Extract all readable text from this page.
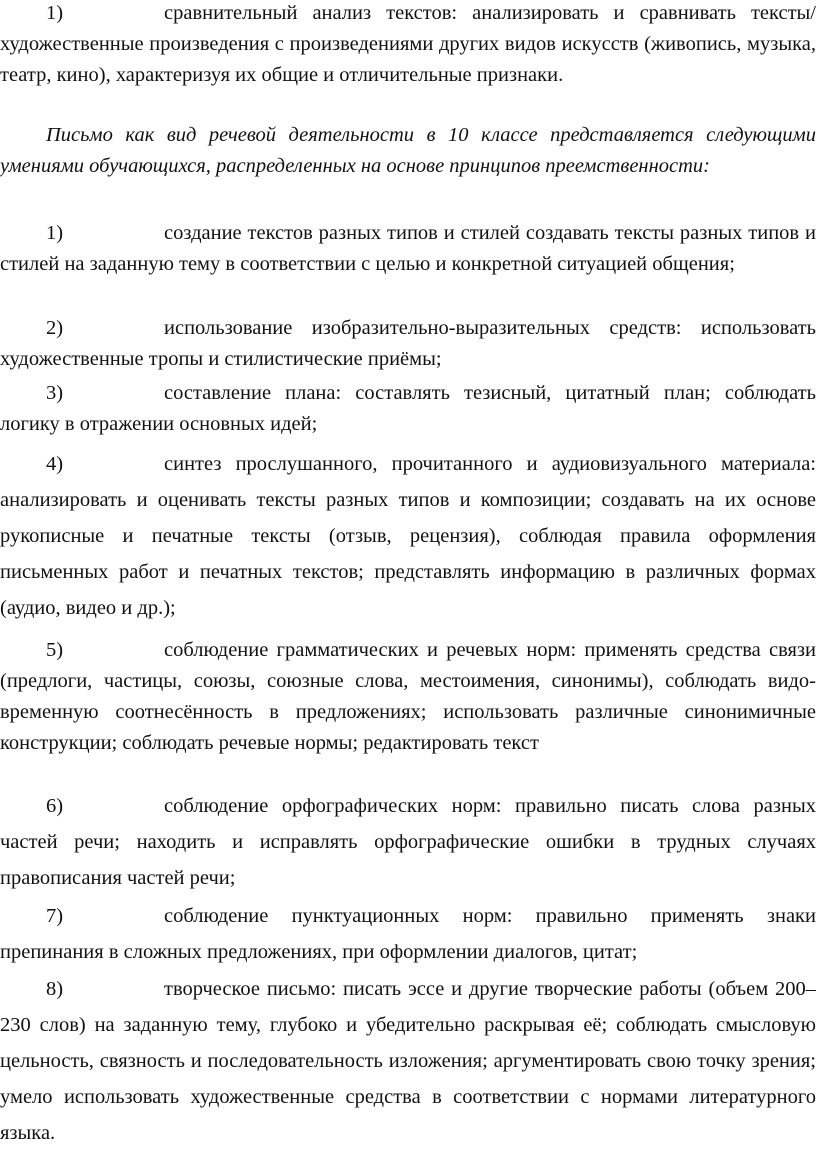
1)	сравнительный анализ текстов: анализировать и сравнивать тексты/художественные произведения с произведениями других видов искусств (живопись, музыка, театр, кино), характеризуя их общие и отличительные признаки.

Письмо как вид речевой деятельности в 10 классе представляется следующими умениями обучающихся, распределенных на основе принципов преемственности:

1)	создание текстов разных типов и стилей создавать тексты разных типов и стилей на заданную тему в соответствии с целью и конкретной ситуацией общения;

2)	использование изобразительно-выразительных средств: использовать художественные тропы и стилистические приёмы;

3)	составление плана: составлять тезисный, цитатный план; соблюдать логику в отражении основных идей;

4)	синтез прослушанного, прочитанного и аудиовизуального материала: анализировать и оценивать тексты разных типов и композиции; создавать на их основе рукописные и печатные тексты (отзыв, рецензия), соблюдая правила оформления письменных работ и печатных текстов; представлять информацию в различных формах (аудио, видео и др.);

5)	соблюдение грамматических и речевых норм: применять средства связи (предлоги, частицы, союзы, союзные слова, местоимения, синонимы), соблюдать видо-временную соотнесённость в предложениях; использовать различные синонимичные конструкции; соблюдать речевые нормы; редактировать текст

6)	соблюдение орфографических норм: правильно писать слова разных частей речи; находить и исправлять орфографические ошибки в трудных случаях правописания частей речи;

7)	соблюдение пунктуационных норм: правильно применять знаки препинания в сложных предложениях, при оформлении диалогов, цитат;

8)	творческое письмо: писать эссе и другие творческие работы (объем 200– 230 слов) на заданную тему, глубоко и убедительно раскрывая её; соблюдать смысловую цельность, связность и последовательность изложения; аргументировать свою точку зрения; умело использовать художественные средства в соответствии с нормами литературного языка.
